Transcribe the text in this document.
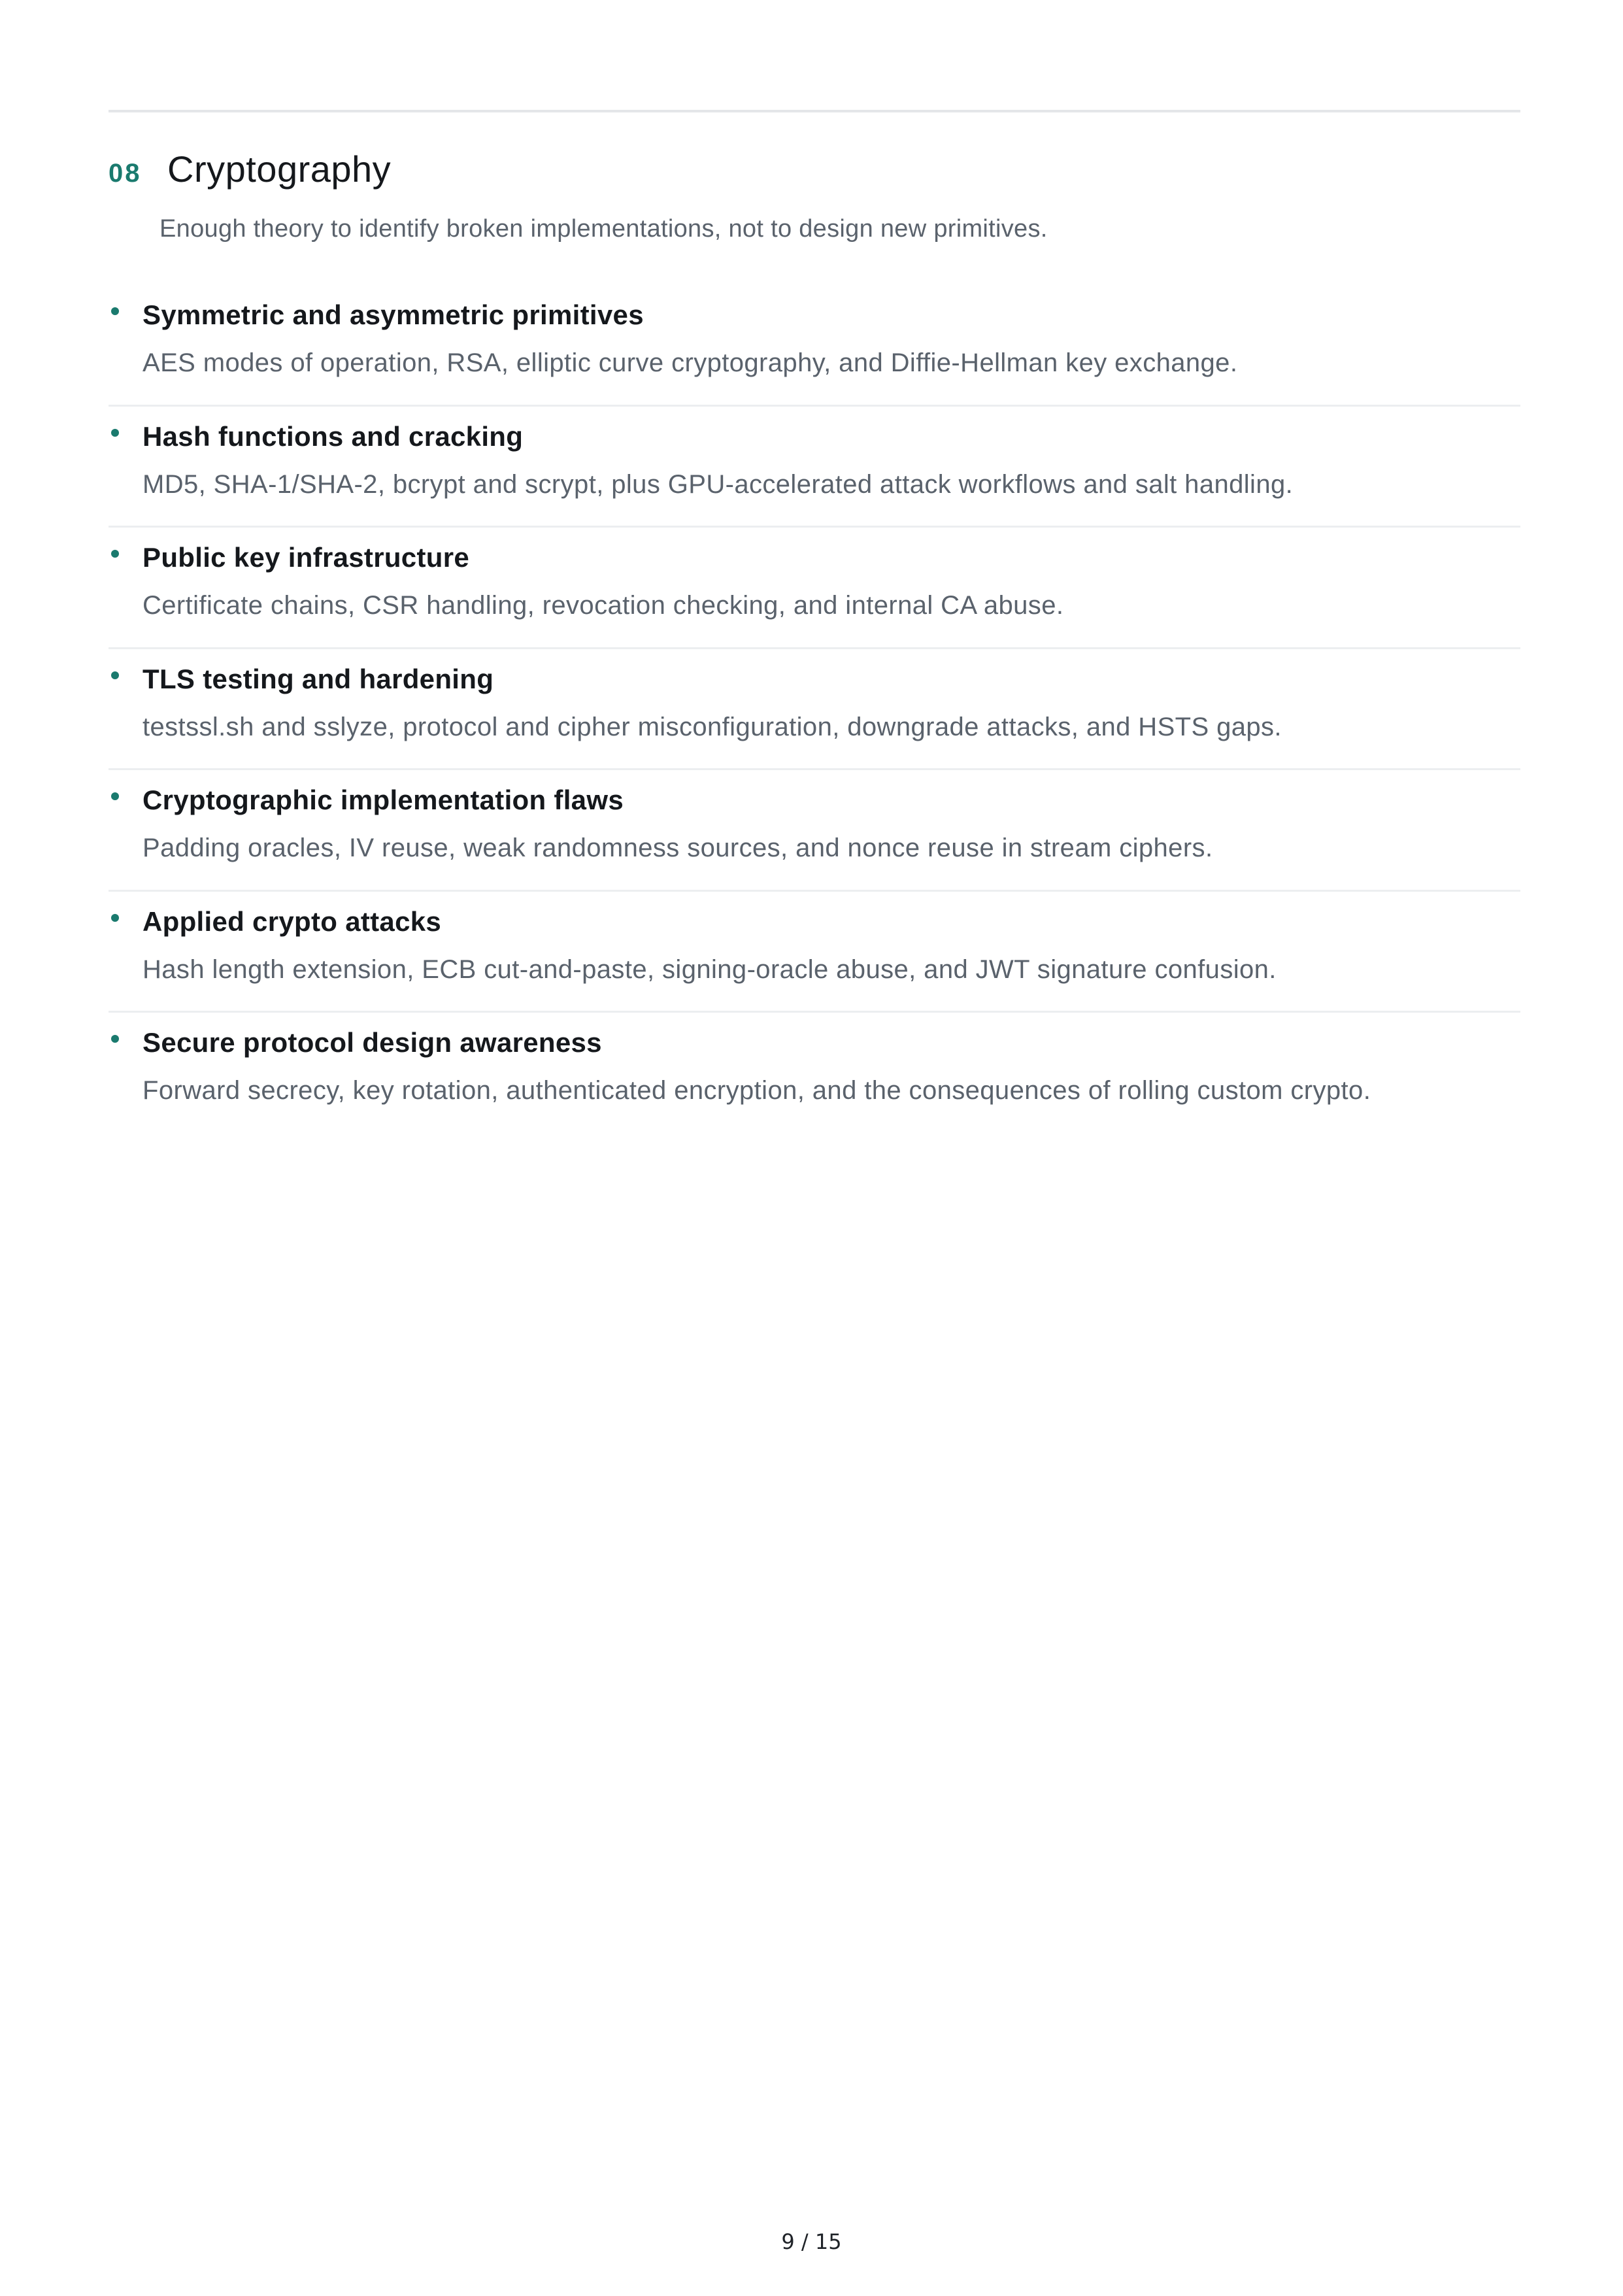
08 Cryptography
Enough theory to identify broken implementations, not to design new primitives.
Symmetric and asymmetric primitives
AES modes of operation, RSA, elliptic curve cryptography, and Diffie-Hellman key exchange.
Hash functions and cracking
MD5, SHA-1/SHA-2, bcrypt and scrypt, plus GPU-accelerated attack workflows and salt handling.
Public key infrastructure
Certificate chains, CSR handling, revocation checking, and internal CA abuse.
TLS testing and hardening
testssl.sh and sslyze, protocol and cipher misconfiguration, downgrade attacks, and HSTS gaps.
Cryptographic implementation flaws
Padding oracles, IV reuse, weak randomness sources, and nonce reuse in stream ciphers.
Applied crypto attacks
Hash length extension, ECB cut-and-paste, signing-oracle abuse, and JWT signature confusion.
Secure protocol design awareness
Forward secrecy, key rotation, authenticated encryption, and the consequences of rolling custom crypto.
9 / 15
